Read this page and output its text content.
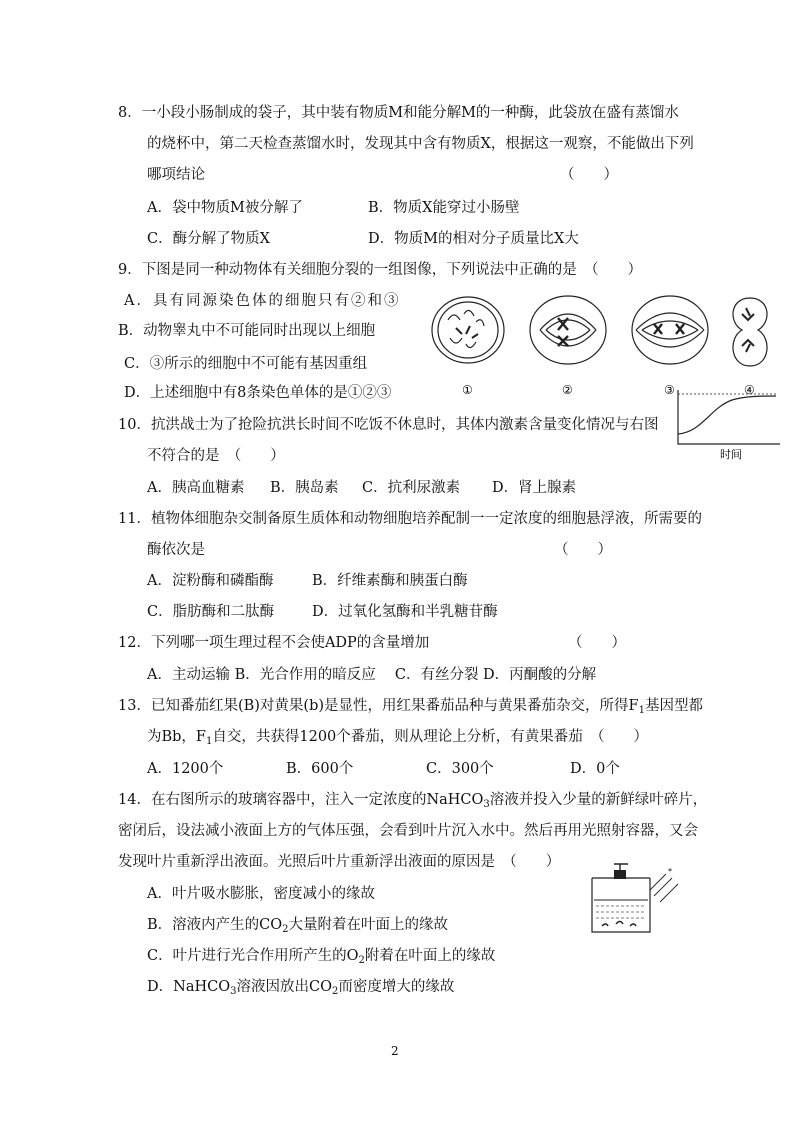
8．一小段小肠制成的袋子，其中装有物质M和能分解M的一种酶，此袋放在盛有蒸馏水
的烧杯中，第二天检查蒸馏水时，发现其中含有物质X，根据这一观察，不能做出下列
哪项结论	（　　）
A．袋中物质M被分解了	B．物质X能穿过小肠壁
C．酶分解了物质X	D．物质M的相对分子质量比X大
9．下图是同一种动物体有关细胞分裂的一组图像，下列说法中正确的是　（　　）
A．具有同源染色体的细胞只有②和③
B．动物睾丸中不可能同时出现以上细胞
C．③所示的细胞中不可能有基因重组
D．上述细胞中有8条染色单体的是①②③	①	②	③	④
10．抗洪战士为了抢险抗洪长时间不吃饭不休息时，其体内激素含量变化情况与右图
不符合的是　（　　）
A．胰高血糖素 B．胰岛素 C．抗利尿激素 D．肾上腺素
时间
11．植物体细胞杂交制备原生质体和动物细胞培养配制一一定浓度的细胞悬浮液，所需要的
酶依次是	（　　）
A．淀粉酶和磷酯酶	B．纤维素酶和胰蛋白酶
C．脂肪酶和二肽酶	D．过氧化氢酶和半乳糖苷酶
12．下列哪一项生理过程不会使ADP的含量增加	（　　）
A．主动运输 B．光合作用的暗反应　 C．有丝分裂 D．丙酮酸的分解
13．已知番茄红果(B)对黄果(b)是显性，用红果番茄品种与黄果番茄杂交，所得$F_1$基因型都
为Bb，$F_1$自交，共获得1200个番茄，则从理论上分析，有黄果番茄　（　　）
A．1200个	B．600个	C．300个	D．0个
14．在右图所示的玻璃容器中，注入一定浓度的NaHCO$_3$溶液并投入少量的新鲜绿叶碎片，
密闭后，设法减小液面上方的气体压强，会看到叶片沉入水中。然后再用光照射容器，又会
发现叶片重新浮出液面。光照后叶片重新浮出液面的原因是　（　　）
A．叶片吸水膨胀，密度减小的缘故
B．溶液内产生的$CO_2$大量附着在叶面上的缘故
C．叶片进行光合作用所产生的$O_2$附着在叶面上的缘故
D．NaHCO$_3$溶液因放出$CO_2$而密度增大的缘故
*
2
